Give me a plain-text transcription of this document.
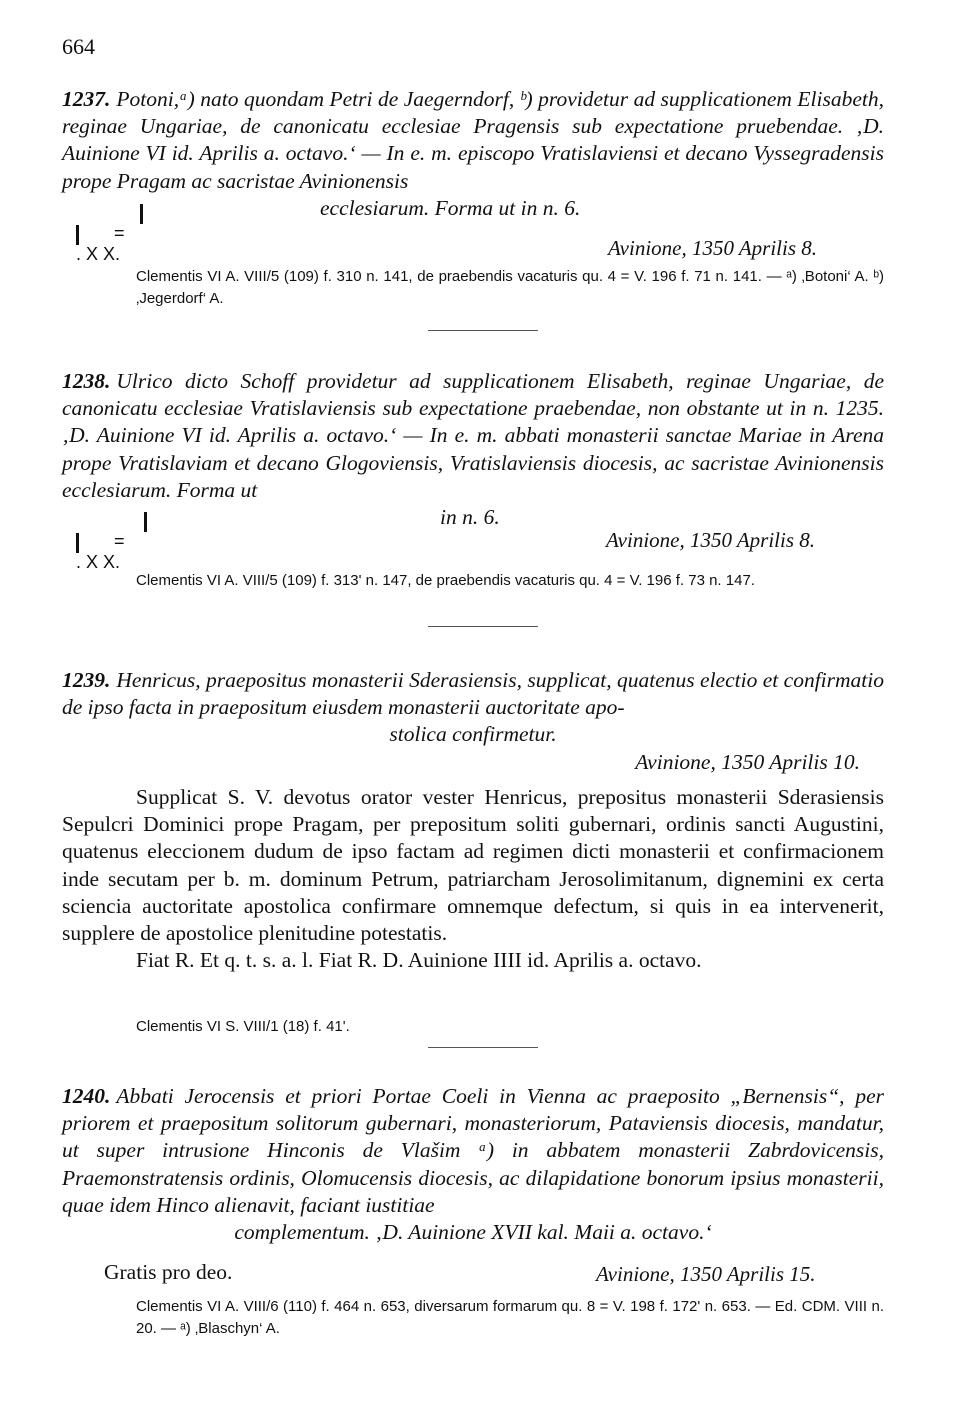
664
1237. Potoni,ᵃ) nato quondam Petri de Jaegerndorf, ᵇ) providetur ad supplicationem Elisabeth, reginae Ungariae, de canonicatu ecclesiae Pragensis sub expectatione pruebendae. ‚D. Auinione VI id. Aprilis a. octavo.‘ — In e. m. episcopo Vratislaviensi et decano Vyssegradensis prope Pragam ac sacristae Avinionensis
ecclesiarum. Forma ut in n. 6.
=
. X X.	Avinione, 1350 Aprilis 8.
Clementis VI A. VIII/5 (109) f. 310 n. 141, de praebendis vacaturis qu. 4 = V. 196 f. 71 n. 141. — ᵃ) ‚Botoni‘ A. ᵇ) ‚Jegerdorf‘ A.
1238. Ulrico dicto Schoff providetur ad supplicationem Elisabeth, reginae Ungariae, de canonicatu ecclesiae Vratislaviensis sub expectatione praebendae, non obstante ut in n. 1235. ‚D. Auinione VI id. Aprilis a. octavo.‘ — In e. m. abbati monasterii sanctae Mariae in Arena prope Vratislaviam et decano Glogoviensis, Vratislaviensis diocesis, ac sacristae Avinionensis ecclesiarum. Forma ut
in n. 6.
=
. X X.
Avinione, 1350 Aprilis 8.
Clementis VI A. VIII/5 (109) f. 313' n. 147, de praebendis vacaturis qu. 4 = V. 196 f. 73 n. 147.
1239. Henricus, praepositus monasterii Sderasiensis, supplicat, quatenus electio et confirmatio de ipso facta in praepositum eiusdem monasterii auctoritate apo-
stolica confirmetur.
Avinione, 1350 Aprilis 10.
Supplicat S. V. devotus orator vester Henricus, prepositus monasterii Sderasiensis Sepulcri Dominici prope Pragam, per prepositum soliti gubernari, ordinis sancti Augustini, quatenus eleccionem dudum de ipso factam ad regimen dicti monasterii et confirmacionem inde secutam per b. m. dominum Petrum, patriarcham Jerosolimitanum, dignemini ex certa sciencia auctoritate apostolica confirmare omnemque defectum, si quis in ea intervenerit, supplere de apostolice plenitudine potestatis.
Fiat R. Et q. t. s. a. l. Fiat R. D. Auinione IIII id. Aprilis a. octavo.
Clementis VI S. VIII/1 (18) f. 41'.
1240. Abbati Jerocensis et priori Portae Coeli in Vienna ac praeposito „Bernensis“, per priorem et praepositum solitorum gubernari, monasteriorum, Pataviensis diocesis, mandatur, ut super intrusione Hinconis de Vlašim ᵃ) in abbatem monasterii Zabrdovicensis, Praemonstratensis ordinis, Olomucensis diocesis, ac dilapidatione bonorum ipsius monasterii, quae idem Hinco alienavit, faciant iustitiae
complementum. ‚D. Auinione XVII kal. Maii a. octavo.‘
Gratis pro deo.	Avinione, 1350 Aprilis 15.
Clementis VI A. VIII/6 (110) f. 464 n. 653, diversarum formarum qu. 8 = V. 198 f. 172' n. 653. — Ed. CDM. VIII n. 20. — ᵃ) ‚Blaschyn‘ A.
